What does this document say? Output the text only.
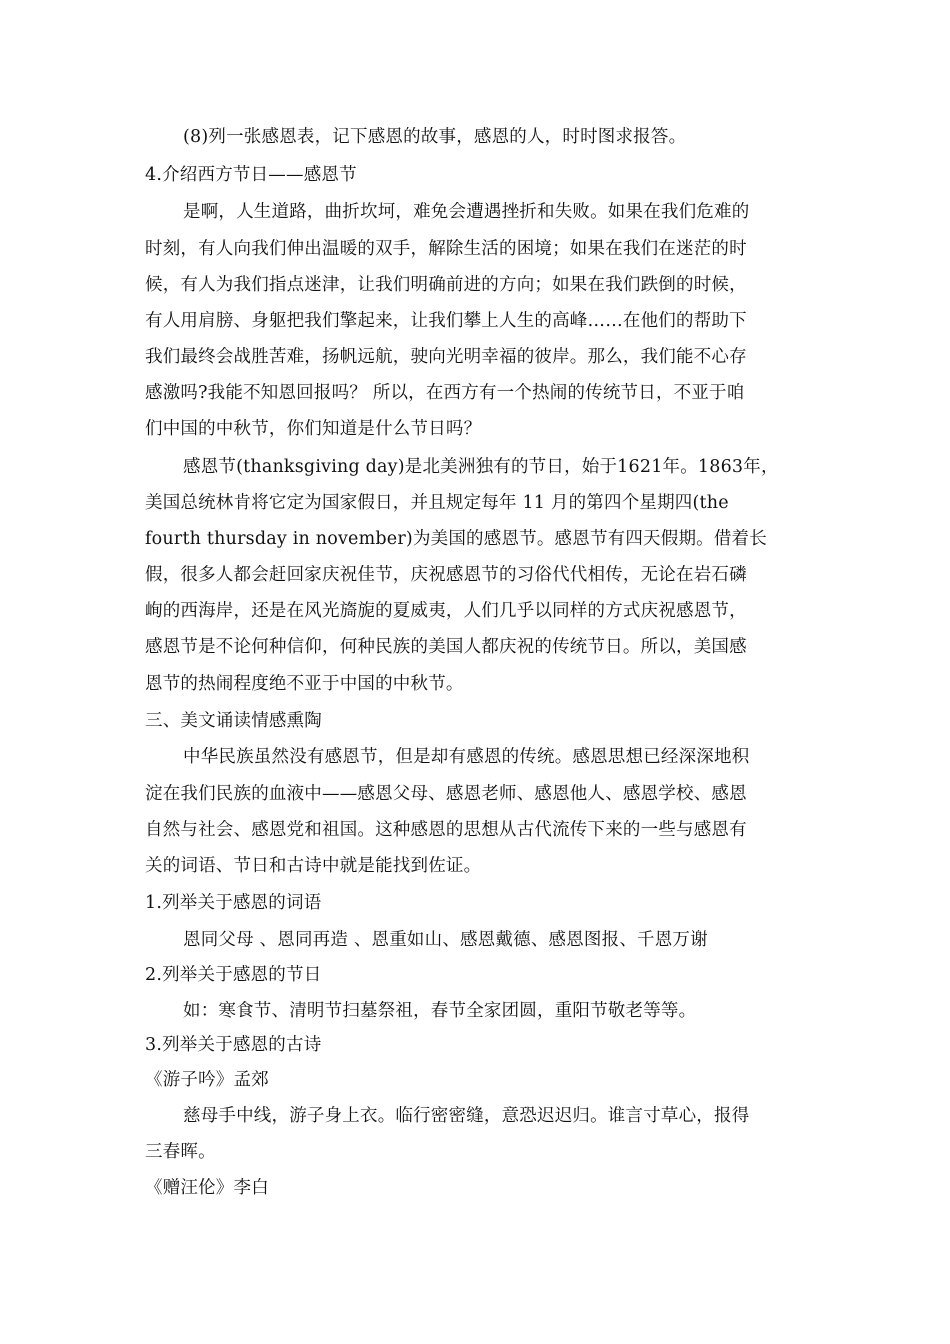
(8)列一张感恩表，记下感恩的故事，感恩的人，时时图求报答。
4.介绍西方节日——感恩节
是啊，人生道路，曲折坎坷，难免会遭遇挫折和失败。如果在我们危难的
时刻，有人向我们伸出温暖的双手，解除生活的困境；如果在我们在迷茫的时
候，有人为我们指点迷津，让我们明确前进的方向；如果在我们跌倒的时候，
有人用肩膀、身躯把我们擎起来，让我们攀上人生的高峰……在他们的帮助下
我们最终会战胜苦难，扬帆远航，驶向光明幸福的彼岸。那么，我们能不心存
感激吗?我能不知恩回报吗？ 所以，在西方有一个热闹的传统节日，不亚于咱
们中国的中秋节，你们知道是什么节日吗？
感恩节(thanksgiving day)是北美洲独有的节日，始于1621年。1863年，
美国总统林肯将它定为国家假日，并且规定每年 11 月的第四个星期四(the
fourth thursday in november)为美国的感恩节。感恩节有四天假期。借着长
假，很多人都会赶回家庆祝佳节，庆祝感恩节的习俗代代相传，无论在岩石磷
峋的西海岸，还是在风光旖旎的夏威夷，人们几乎以同样的方式庆祝感恩节，
感恩节是不论何种信仰，何种民族的美国人都庆祝的传统节日。所以，美国感
恩节的热闹程度绝不亚于中国的中秋节。
三、美文诵读情感熏陶
中华民族虽然没有感恩节，但是却有感恩的传统。感恩思想已经深深地积
淀在我们民族的血液中——感恩父母、感恩老师、感恩他人、感恩学校、感恩
自然与社会、感恩党和祖国。这种感恩的思想从古代流传下来的一些与感恩有
关的词语、节日和古诗中就是能找到佐证。
1.列举关于感恩的词语
恩同父母 、恩同再造 、恩重如山、感恩戴德、感恩图报、千恩万谢
2.列举关于感恩的节日
如：寒食节、清明节扫墓祭祖，春节全家团圆，重阳节敬老等等。
3.列举关于感恩的古诗
《游子吟》孟郊
慈母手中线，游子身上衣。临行密密缝，意恐迟迟归。谁言寸草心，报得
三春晖。
《赠汪伦》李白
